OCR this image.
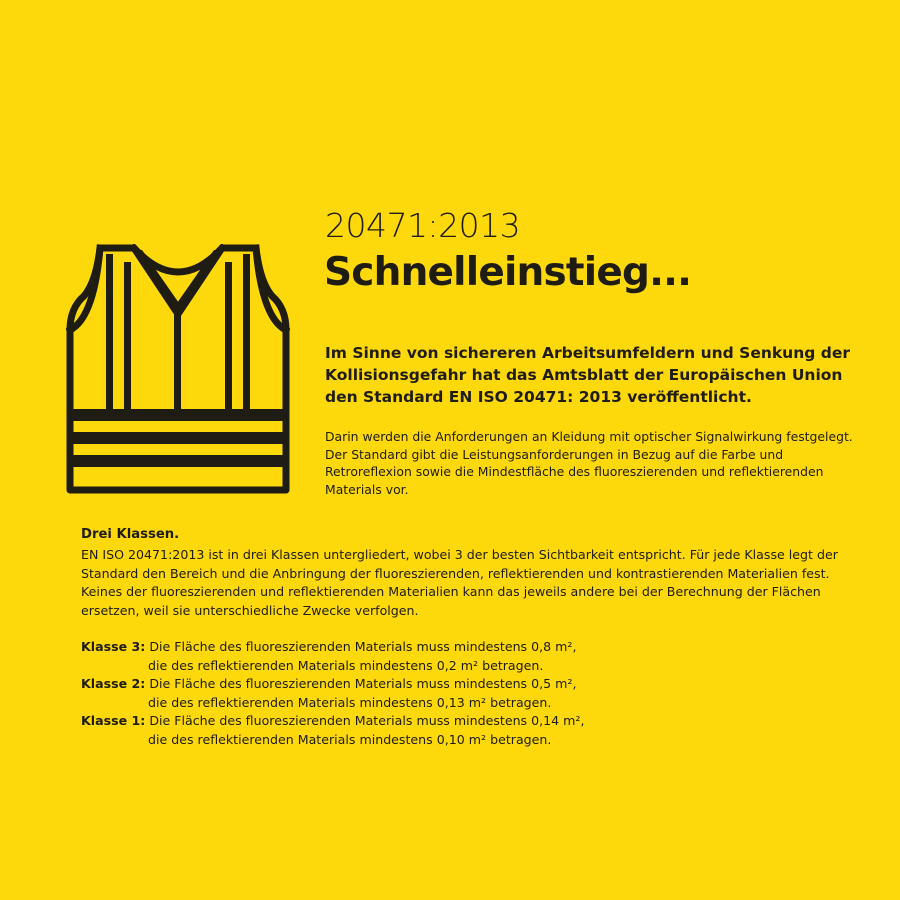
20471:2013
Schnelleinstieg...

Im Sinne von sichereren Arbeitsumfeldern und Senkung der Kollisionsgefahr hat das Amtsblatt der Europäischen Union den Standard EN ISO 20471: 2013 veröffentlicht.

Darin werden die Anforderungen an Kleidung mit optischer Signalwirkung festgelegt. Der Standard gibt die Leistungsanforderungen in Bezug auf die Farbe und Retroreflexion sowie die Mindestfläche des fluoreszierenden und reflektierenden Materials vor.

Drei Klassen.

EN ISO 20471:2013 ist in drei Klassen untergliedert, wobei 3 der besten Sichtbarkeit entspricht. Für jede Klasse legt der Standard den Bereich und die Anbringung der fluoreszierenden, reflektierenden und kontrastierenden Materialien fest. Keines der fluoreszierenden und reflektierenden Materialien kann das jeweils andere bei der Berechnung der Flächen ersetzen, weil sie unterschiedliche Zwecke verfolgen.

Klasse 3: Die Fläche des fluoreszierenden Materials muss mindestens 0,8 m²,
die des reflektierenden Materials mindestens 0,2 m² betragen.
Klasse 2: Die Fläche des fluoreszierenden Materials muss mindestens 0,5 m²,
die des reflektierenden Materials mindestens 0,13 m² betragen.
Klasse 1: Die Fläche des fluoreszierenden Materials muss mindestens 0,14 m²,
die des reflektierenden Materials mindestens 0,10 m² betragen.
